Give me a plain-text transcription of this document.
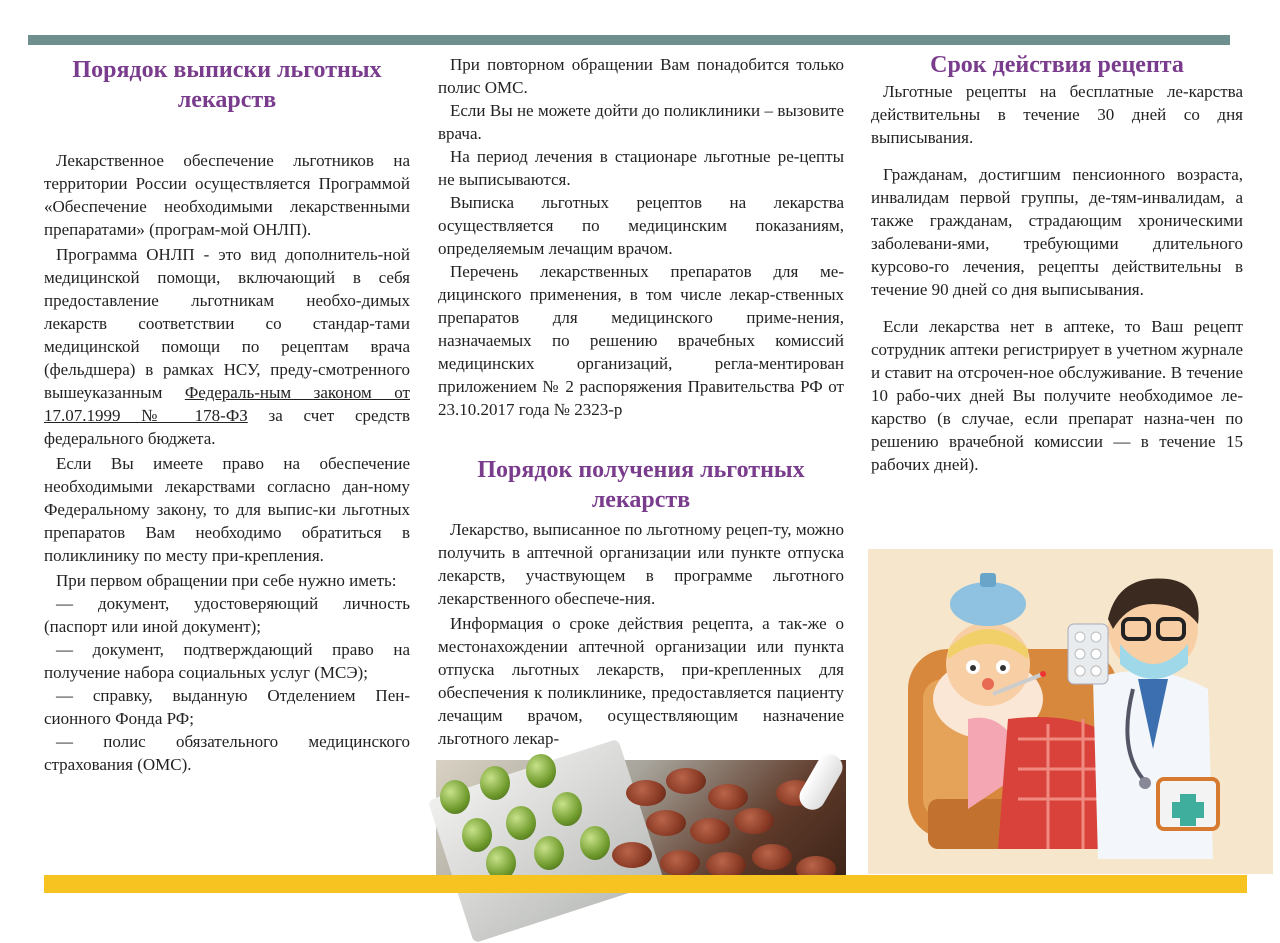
Порядок выписки льготных лекарств

Лекарственное обеспечение льготников на территории России осуществляется Программой «Обеспечение необходимыми лекарственными препаратами» (програм-мой ОНЛП).

Программа ОНЛП - это вид дополнитель-ной медицинской помощи, включающий в себя предоставление льготникам необхо-димых лекарств соответствии со стандар-тами медицинской помощи по рецептам врача (фельдшера) в рамках НСУ, преду-смотренного вышеуказанным Федераль-ным законом от 17.07.1999 № 178-ФЗ за счет средств федерального бюджета.

Если Вы имеете право на обеспечение необходимыми лекарствами согласно дан-ному Федеральному закону, то для выпис-ки льготных препаратов Вам необходимо обратиться в поликлинику по месту при-крепления.

При первом обращении при себе нужно иметь:

— документ, удостоверяющий личность (паспорт или иной документ);

— документ, подтверждающий право на получение набора социальных услуг (МСЭ);

— справку, выданную Отделением Пен-сионного Фонда РФ;

— полис обязательного медицинского страхования (ОМС).

При повторном обращении Вам понадобится только полис ОМС.

Если Вы не можете дойти до поликлиники – вызовите врача.

На период лечения в стационаре льготные ре-цепты не выписываются.

Выписка льготных рецептов на лекарства осуществляется по медицинским показаниям, определяемым лечащим врачом.

Перечень лекарственных препаратов для ме-дицинского применения, в том числе лекар-ственных препаратов для медицинского приме-нения, назначаемых по решению врачебных комиссий медицинских организаций, регла-ментирован приложением № 2 распоряжения Правительства РФ от 23.10.2017 года № 2323-р

Порядок получения льготных лекарств

Лекарство, выписанное по льготному рецеп-ту, можно получить в аптечной организации или пункте отпуска лекарств, участвующем в программе льготного лекарственного обеспече-ния.

Информация о сроке действия рецепта, а так-же о местонахождении аптечной организации или пункта отпуска льготных лекарств, при-крепленных для обеспечения к поликлинике, предоставляется пациенту лечащим врачом, осуществляющим назначение льготного лекар-

Срок действия рецепта

Льготные рецепты на бесплатные ле-карства действительны в течение 30 дней со дня выписывания.

Гражданам, достигшим пенсионного возраста, инвалидам первой группы, де-тям-инвалидам, а также гражданам, страдающим хроническими заболевани-ями, требующими длительного курсово-го лечения, рецепты действительны в течение 90 дней со дня выписывания.

Если лекарства нет в аптеке, то Ваш рецепт сотрудник аптеки регистрирует в учетном журнале и ставит на отсрочен-ное обслуживание. В течение 10 рабо-чих дней Вы получите необходимое ле-карство (в случае, если препарат назна-чен по решению врачебной комиссии — в течение 15 рабочих дней).
